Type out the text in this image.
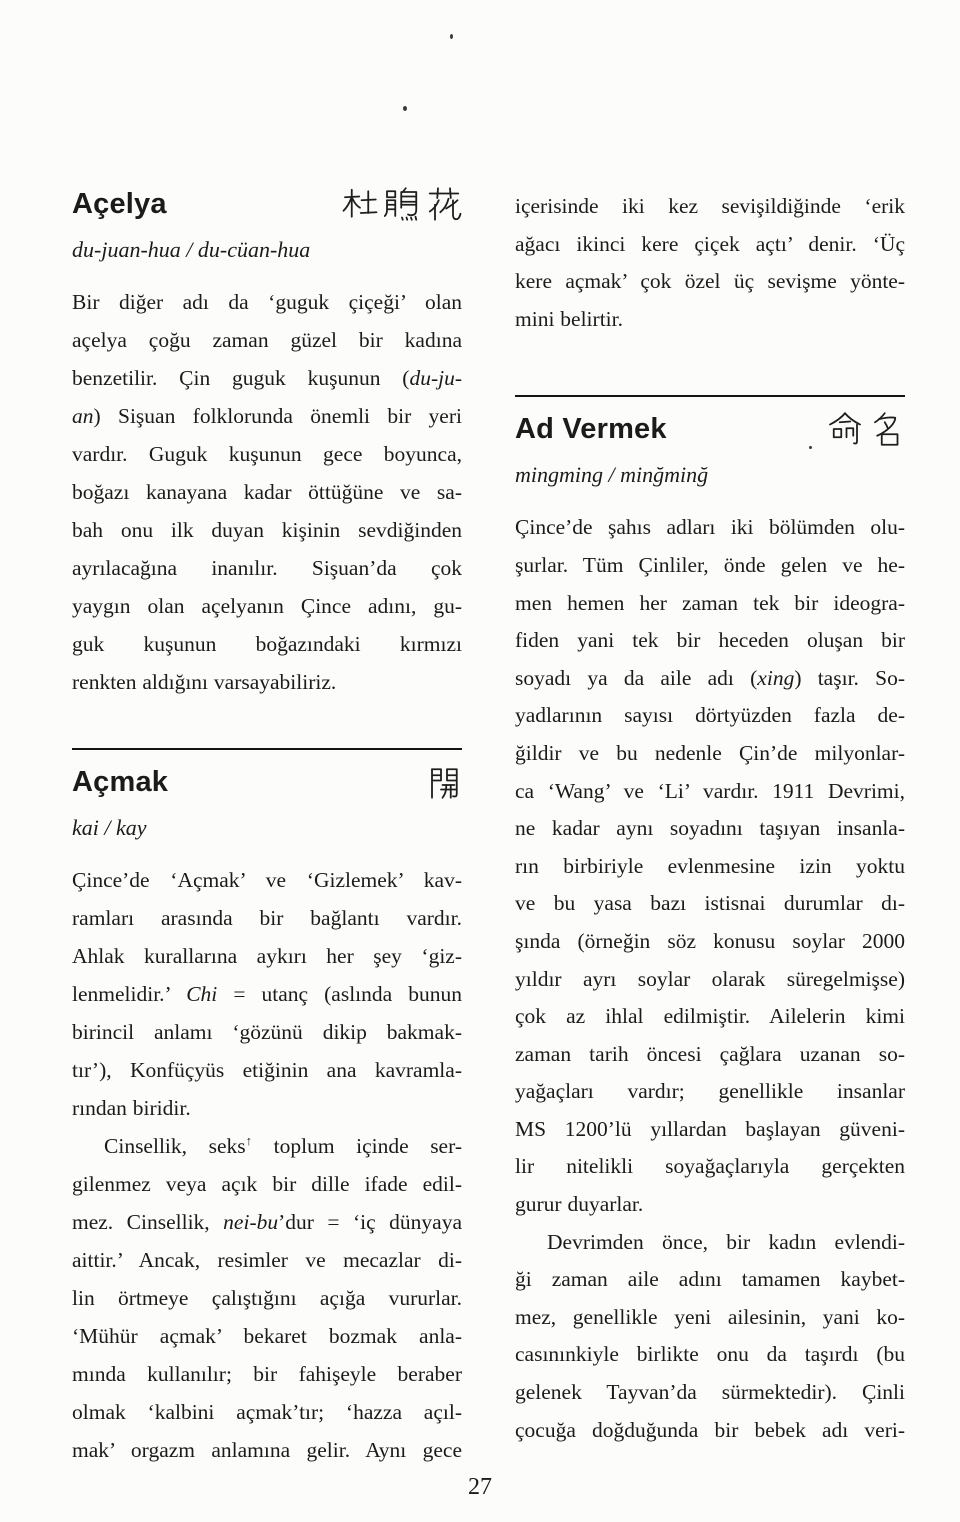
Açelya
du-juan-hua / du-cüan-hua
Bir diğer adı da ‘guguk çiçeği’ olan
açelya çoğu zaman güzel bir kadına
benzetilir. Çin guguk kuşunun (du-ju-
an) Sişuan folklorunda önemli bir yeri
vardır. Guguk kuşunun gece boyunca,
boğazı kanayana kadar öttüğüne ve sa-
bah onu ilk duyan kişinin sevdiğinden
ayrılacağına inanılır. Sişuan’da çok
yaygın olan açelyanın Çince adını, gu-
guk kuşunun boğazındaki kırmızı
renkten aldığını varsayabiliriz.
Açmak
kai / kay
Çince’de ‘Açmak’ ve ‘Gizlemek’ kav-
ramları arasında bir bağlantı vardır.
Ahlak kurallarına aykırı her şey ‘giz-
lenmelidir.’ Chi = utanç (aslında bunun
birincil anlamı ‘gözünü dikip bakmak-
tır’), Konfüçyüs etiğinin ana kavramla-
rından biridir.
Cinsellik, seks↑ toplum içinde ser-
gilenmez veya açık bir dille ifade edil-
mez. Cinsellik, nei-bu’dur = ‘iç dünyaya
aittir.’ Ancak, resimler ve mecazlar di-
lin örtmeye çalıştığını açığa vururlar.
‘Mühür açmak’ bekaret bozmak anla-
mında kullanılır; bir fahişeyle beraber
olmak ‘kalbini açmak’tır; ‘hazza açıl-
mak’ orgazm anlamına gelir. Aynı gece
içerisinde iki kez sevişildiğinde ‘erik
ağacı ikinci kere çiçek açtı’ denir. ‘Üç
kere açmak’ çok özel üç sevişme yönte-
mini belirtir.
Ad Vermek
mingming / minğminğ
Çince’de şahıs adları iki bölümden olu-
şurlar. Tüm Çinliler, önde gelen ve he-
men hemen her zaman tek bir ideogra-
fiden yani tek bir heceden oluşan bir
soyadı ya da aile adı (xing) taşır. So-
yadlarının sayısı dörtyüzden fazla de-
ğildir ve bu nedenle Çin’de milyonlar-
ca ‘Wang’ ve ‘Li’ vardır. 1911 Devrimi,
ne kadar aynı soyadını taşıyan insanla-
rın birbiriyle evlenmesine izin yoktu
ve bu yasa bazı istisnai durumlar dı-
şında (örneğin söz konusu soylar 2000
yıldır ayrı soylar olarak süregelmişse)
çok az ihlal edilmiştir. Ailelerin kimi
zaman tarih öncesi çağlara uzanan so-
yağaçları vardır; genellikle insanlar
MS 1200’lü yıllardan başlayan güveni-
lir nitelikli soyağaçlarıyla gerçekten
gurur duyarlar.
Devrimden önce, bir kadın evlendi-
ği zaman aile adını tamamen kaybet-
mez, genellikle yeni ailesinin, yani ko-
casınınkiyle birlikte onu da taşırdı (bu
gelenek Tayvan’da sürmektedir). Çinli
çocuğa doğduğunda bir bebek adı veri-
27
